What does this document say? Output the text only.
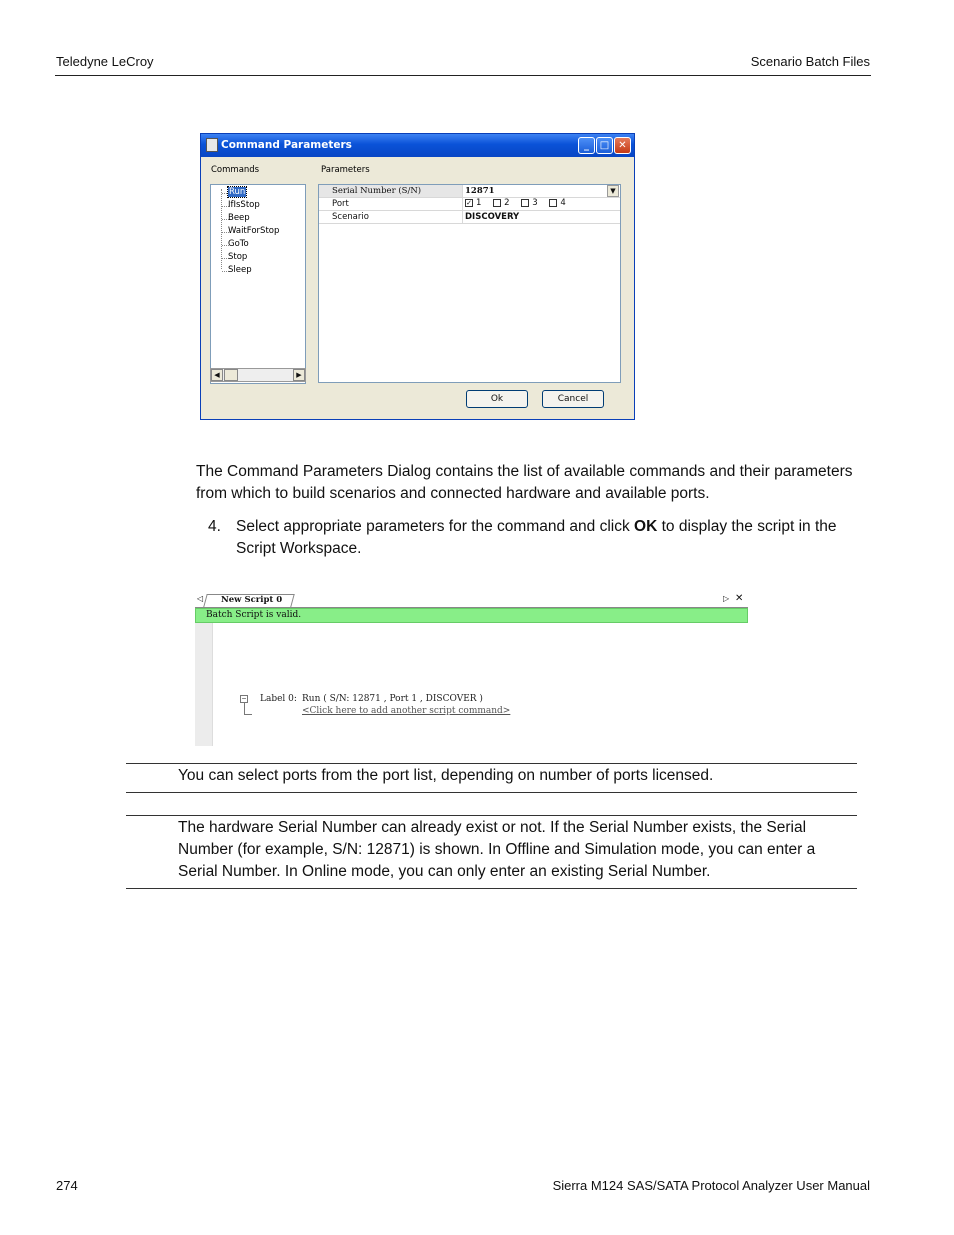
Teledyne LeCroy	Scenario Batch Files
Command Parameters	_	□ ✕
Commands	Parameters
Run
IfIsStop
Beep
WaitForStop
GoTo
Stop
Sleep
◀	▶
Serial Number (S/N)	12871	▼
Port	✓ 1	2	3	4
Scenario	DISCOVERY
Ok	Cancel
The Command Parameters Dialog contains the list of available commands and their parameters from which to build scenarios and connected hardware and available ports.
4. Select appropriate parameters for the command and click OK to display the script in the Script Workspace.
◁ New Script 0	▷ ✕
Batch Script is valid.
− Label 0: Run ( S/N: 12871 , Port 1 , DISCOVER )
<Click here to add another script command>
You can select ports from the port list, depending on number of ports licensed.
The hardware Serial Number can already exist or not. If the Serial Number exists, the Serial Number (for example, S/N: 12871) is shown. In Offline and Simulation mode, you can enter a Serial Number. In Online mode, you can only enter an existing Serial Number.
274	Sierra M124 SAS/SATA Protocol Analyzer User Manual
